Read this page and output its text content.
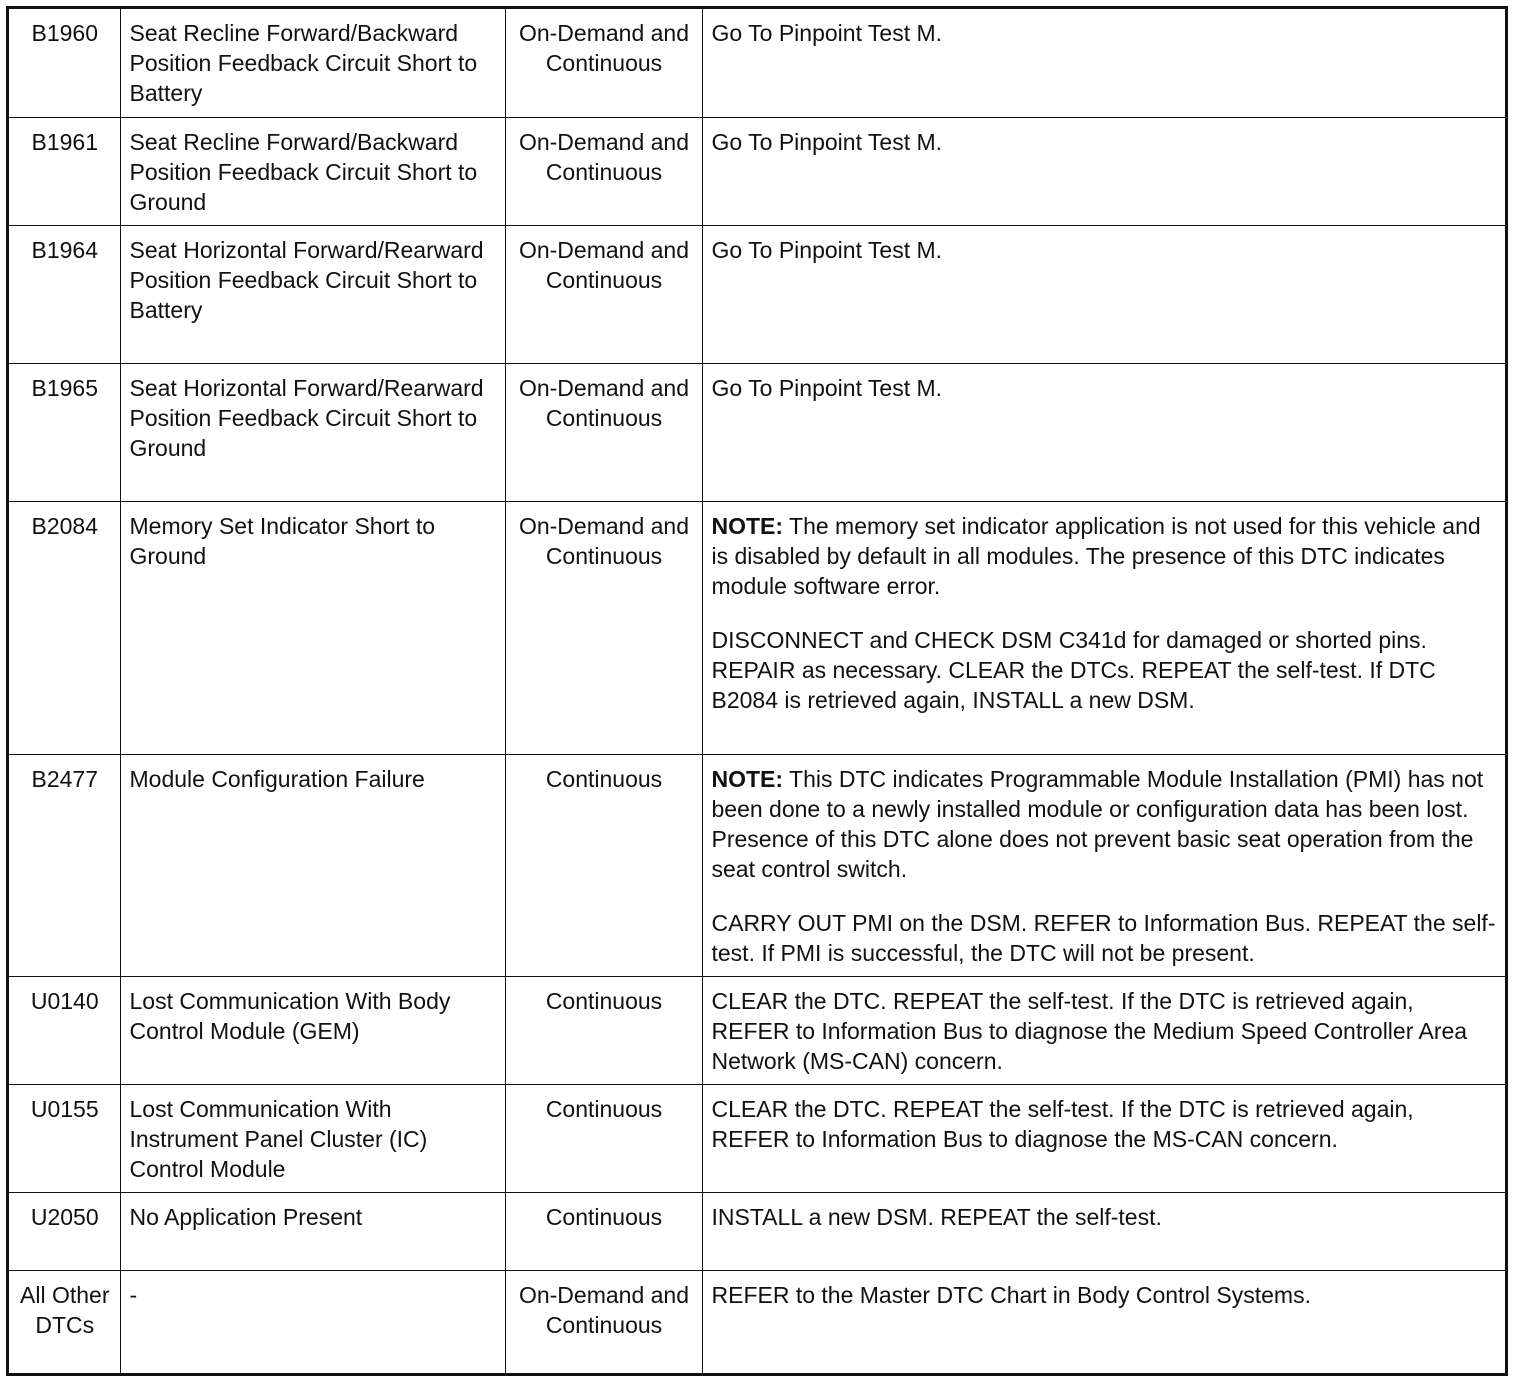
B1960	Seat Recline Forward/Backward Position Feedback Circuit Short to Battery	On-Demand and Continuous	Go To Pinpoint Test M.

B1961	Seat Recline Forward/Backward Position Feedback Circuit Short to Ground	On-Demand and Continuous	Go To Pinpoint Test M.

B1964	Seat Horizontal Forward/Rearward Position Feedback Circuit Short to Battery	On-Demand and Continuous	Go To Pinpoint Test M.

B1965	Seat Horizontal Forward/Rearward Position Feedback Circuit Short to Ground	On-Demand and Continuous	Go To Pinpoint Test M.

B2084	Memory Set Indicator Short to Ground	On-Demand and Continuous	NOTE: The memory set indicator application is not used for this vehicle and is disabled by default in all modules. The presence of this DTC indicates module software error.
DISCONNECT and CHECK DSM C341d for damaged or shorted pins. REPAIR as necessary. CLEAR the DTCs. REPEAT the self-test. If DTC B2084 is retrieved again, INSTALL a new DSM.

B2477	Module Configuration Failure	Continuous	NOTE: This DTC indicates Programmable Module Installation (PMI) has not been done to a newly installed module or configuration data has been lost. Presence of this DTC alone does not prevent basic seat operation from the seat control switch.
CARRY OUT PMI on the DSM. REFER to Information Bus. REPEAT the self-test. If PMI is successful, the DTC will not be present.

U0140	Lost Communication With Body Control Module (GEM)	Continuous	CLEAR the DTC. REPEAT the self-test. If the DTC is retrieved again, REFER to Information Bus to diagnose the Medium Speed Controller Area Network (MS-CAN) concern.

U0155	Lost Communication With Instrument Panel Cluster (IC) Control Module	Continuous	CLEAR the DTC. REPEAT the self-test. If the DTC is retrieved again, REFER to Information Bus to diagnose the MS-CAN concern.

U2050	No Application Present	Continuous	INSTALL a new DSM. REPEAT the self-test.

All Other DTCs	-	On-Demand and Continuous	REFER to the Master DTC Chart in Body Control Systems.
